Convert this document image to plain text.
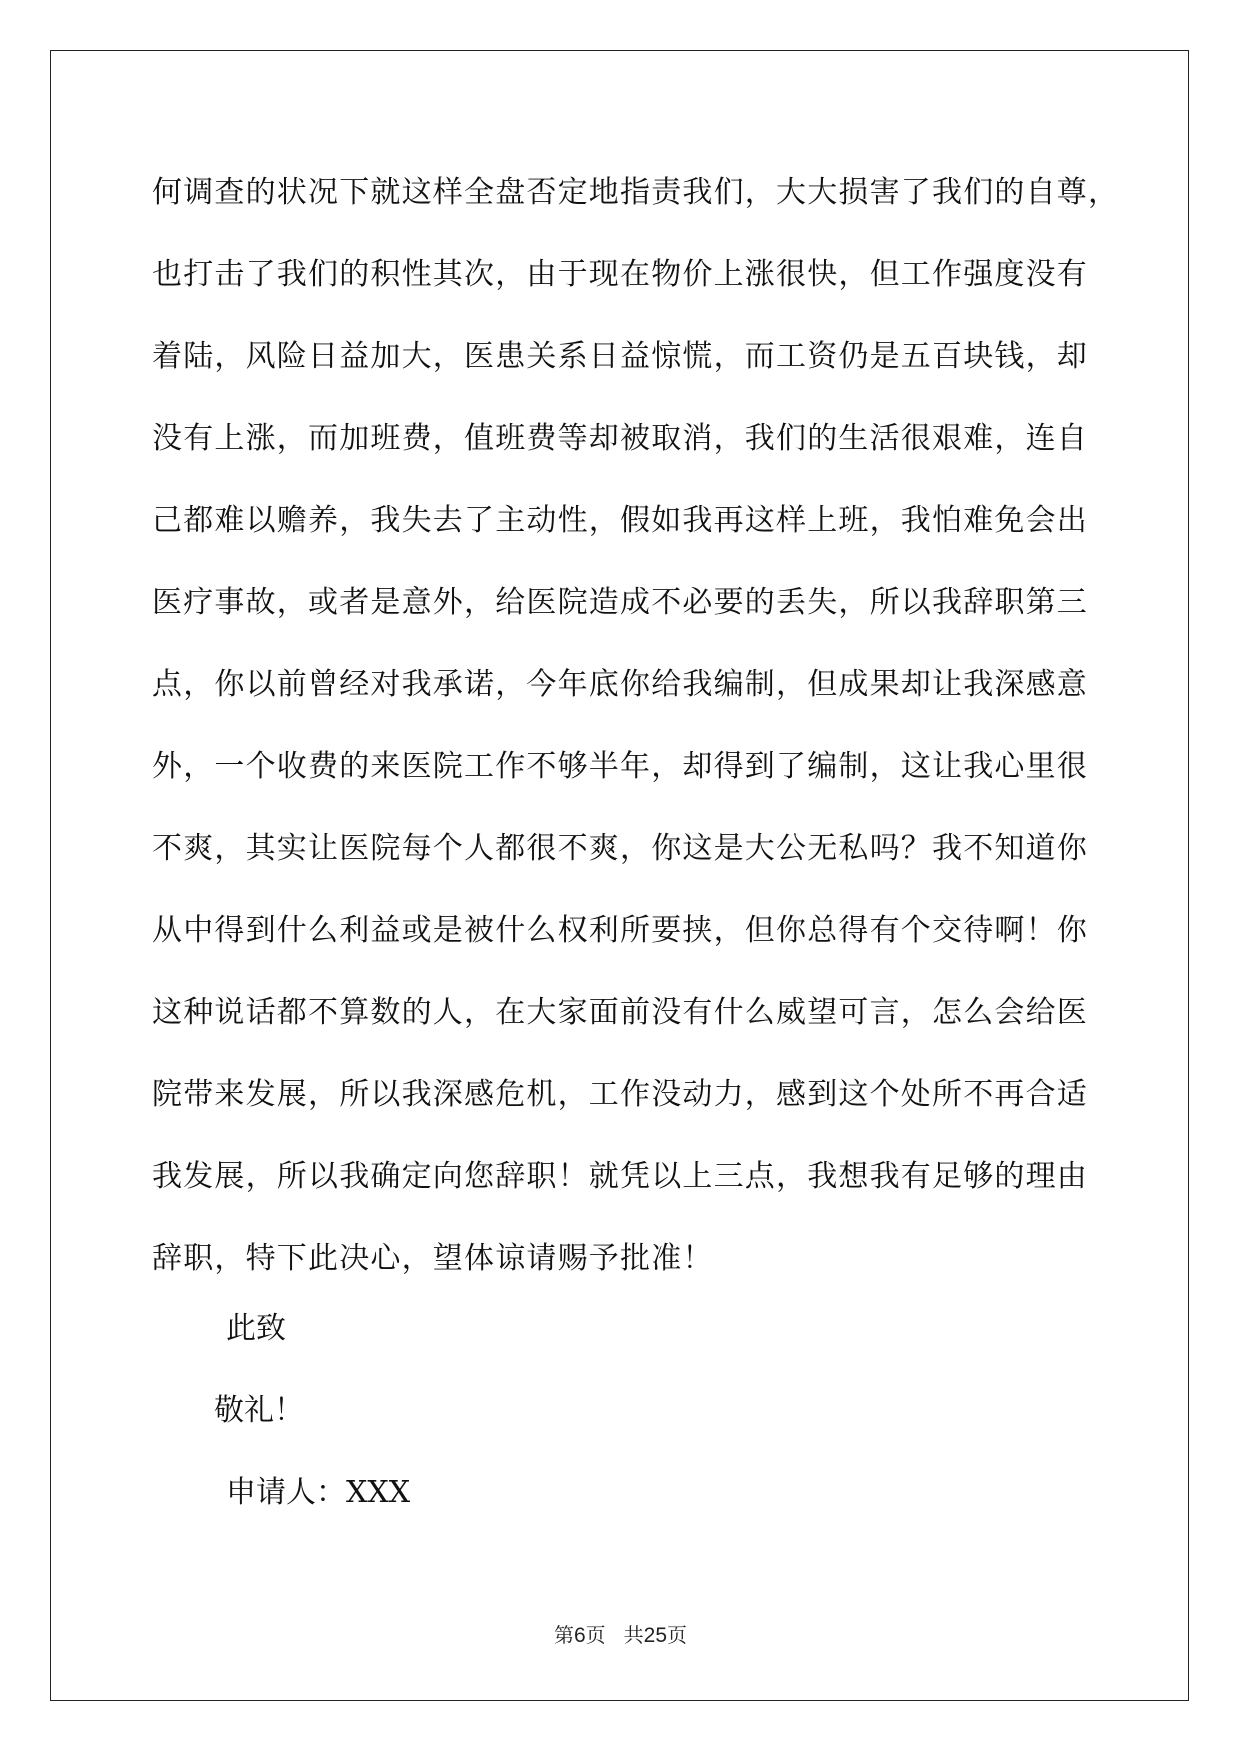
何调查的状况下就这样全盘否定地指责我们，大大损害了我们的自尊，
也打击了我们的积性其次，由于现在物价上涨很快，但工作强度没有
着陆，风险日益加大，医患关系日益惊慌，而工资仍是五百块钱，却
没有上涨，而加班费，值班费等却被取消，我们的生活很艰难，连自
己都难以赡养，我失去了主动性，假如我再这样上班，我怕难免会出
医疗事故，或者是意外，给医院造成不必要的丢失，所以我辞职第三
点，你以前曾经对我承诺，今年底你给我编制，但成果却让我深感意
外，一个收费的来医院工作不够半年，却得到了编制，这让我心里很
不爽，其实让医院每个人都很不爽，你这是大公无私吗？我不知道你
从中得到什么利益或是被什么权利所要挟，但你总得有个交待啊！你
这种说话都不算数的人，在大家面前没有什么威望可言，怎么会给医
院带来发展，所以我深感危机，工作没动力，感到这个处所不再合适
我发展，所以我确定向您辞职！就凭以上三点，我想我有足够的理由
辞职，特下此决心，望体谅请赐予批准！

此致

敬礼！

申请人：XXX

第6页 共25页
